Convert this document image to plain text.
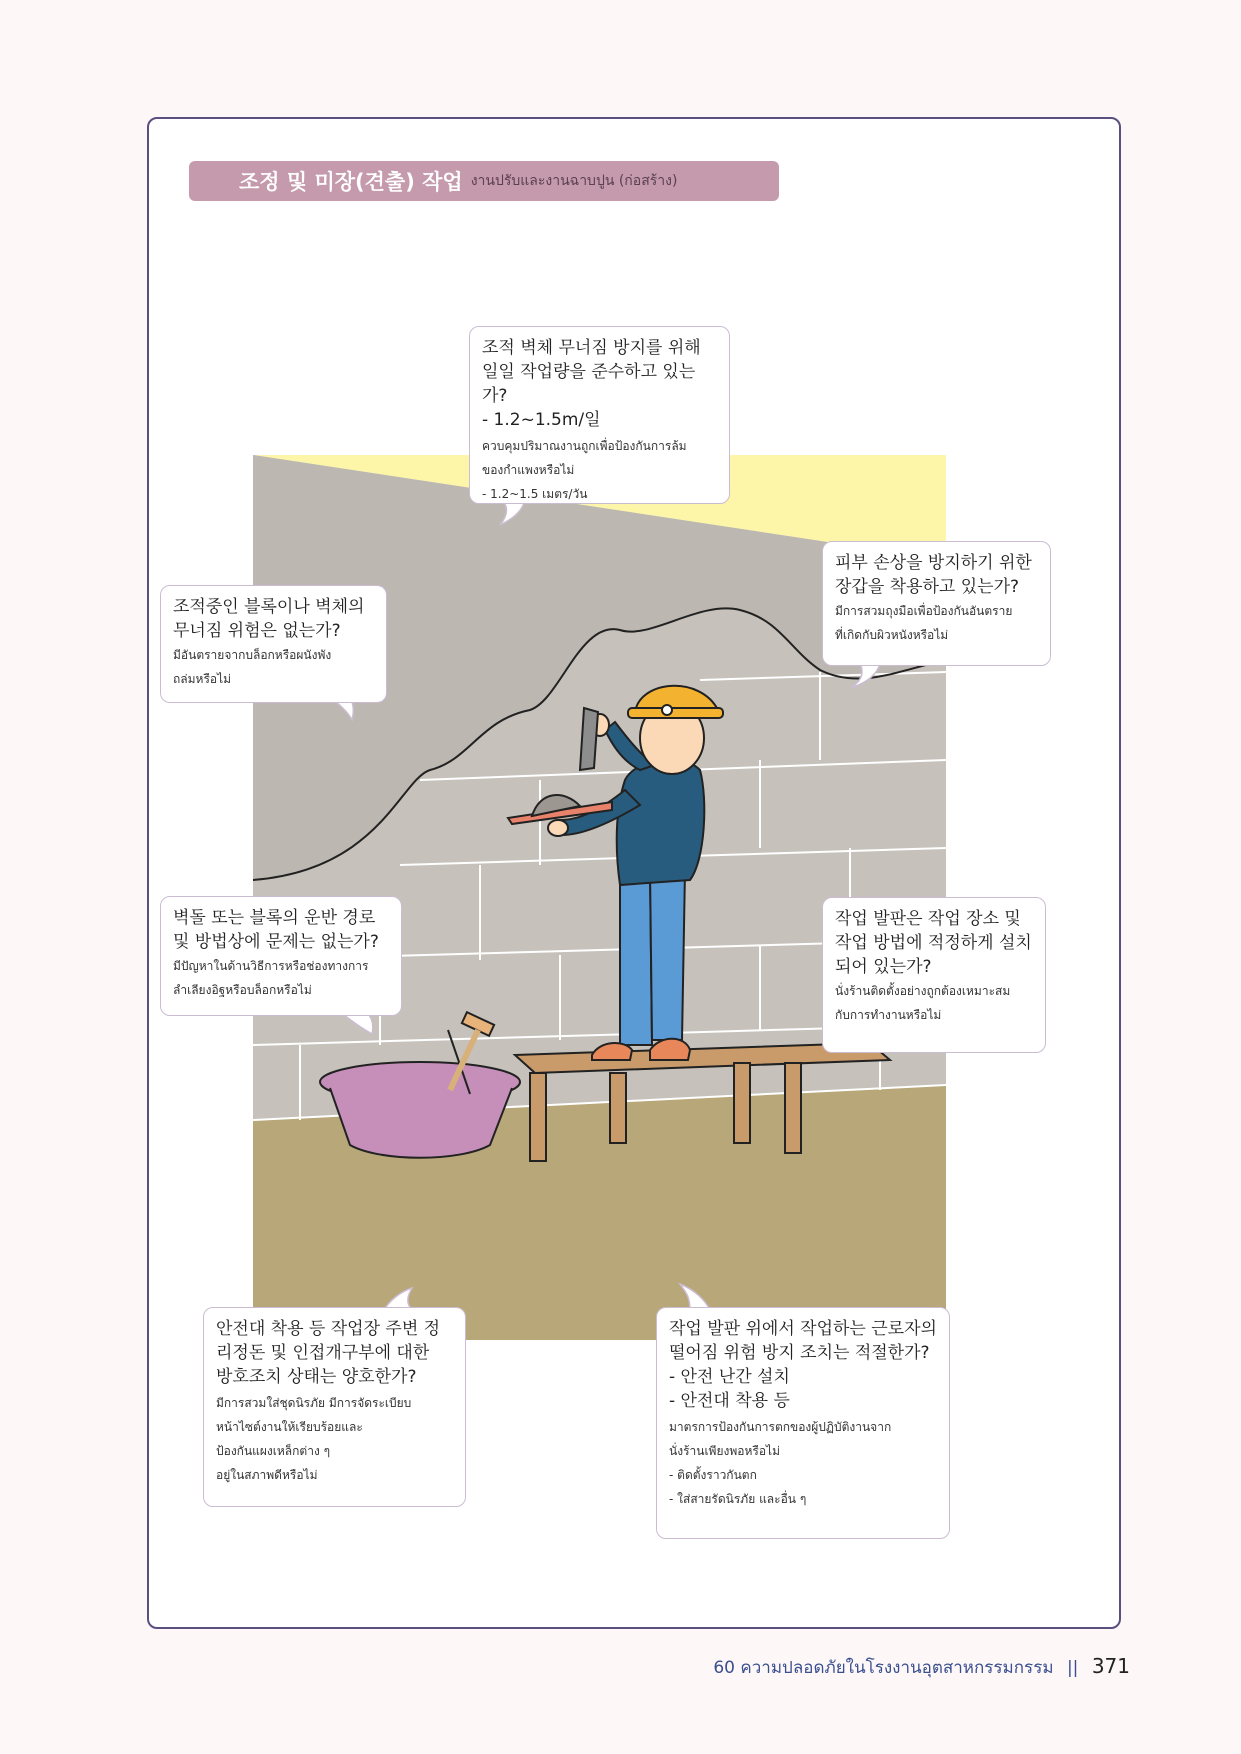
조정 및 미장(견출) 작업 งานปรับและงานฉาบปูน (ก่อสร้าง)

조적 벽체 무너짐 방지를 위해
일일 작업량을 준수하고 있는가?
- 1.2~1.5m/일

ควบคุมปริมาณงานถูกเพื่อป้องกันการล้ม
ของกำแพงหรือไม่
- 1.2~1.5 เมตร/วัน

조적중인 블록이나 벽체의
무너짐 위험은 없는가?

มีอันตรายจากบล็อกหรือผนังพัง
ถล่มหรือไม่

피부 손상을 방지하기 위한
장갑을 착용하고 있는가?

มีการสวมถุงมือเพื่อป้องกันอันตราย
ที่เกิดกับผิวหนังหรือไม่

벽돌 또는 블록의 운반 경로
및 방법상에 문제는 없는가?

มีปัญหาในด้านวิธีการหรือช่องทางการ
ลำเลียงอิฐหรือบล็อกหรือไม่

작업 발판은 작업 장소 및
작업 방법에 적정하게 설치
되어 있는가?

นั่งร้านติดตั้งอย่างถูกต้องเหมาะสม
กับการทำงานหรือไม่

안전대 착용 등 작업장 주변 정
리정돈 및 인접개구부에 대한
방호조치 상태는 양호한가?

มีการสวมใส่ชุดนิรภัย มีการจัดระเบียบ
หน้าไซต์งานให้เรียบร้อยและ
ป้องกันแผงเหล็กต่าง ๆ
อยู่ในสภาพดีหรือไม่

작업 발판 위에서 작업하는 근로자의
떨어짐 위험 방지 조치는 적절한가?
- 안전 난간 설치
- 안전대 착용 등

มาตรการป้องกันการตกของผู้ปฏิบัติงานจาก
นั่งร้านเพียงพอหรือไม่
- ติดตั้งราวกันตก
- ใส่สายรัดนิรภัย และอื่น ๆ

60 ความปลอดภัยในโรงงานอุตสาหกรรมกรรม || 371
